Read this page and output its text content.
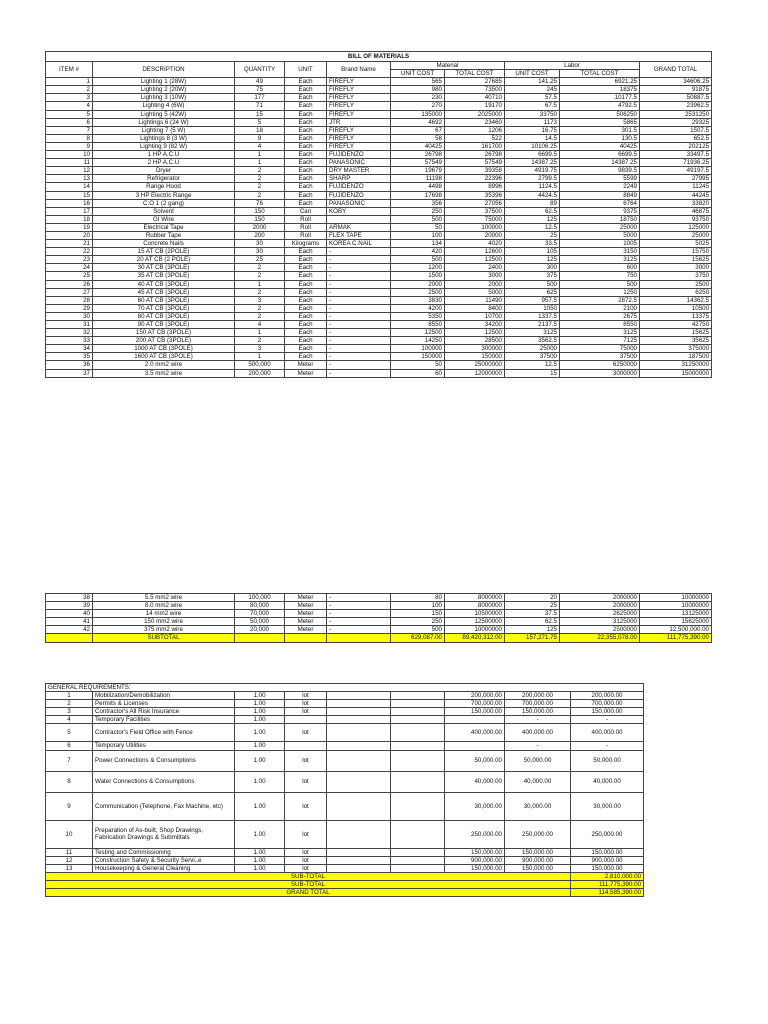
BILL OF MATERIALS									
ITEM #	DESCRIPTION	QUANTITY	UNIT	Brand Name	Material		Labor		GRAND TOTAL
					UNIT COST	TOTAL COST	UNIT COST	TOTAL COST	
1	Lighting 1 (28W)	49	Each	FIREFLY	565	27685	141.25	6921.25	34606.25
2	Lighting 2 (20W)	75	Each	FIREFLY	980	73500	245	18375	91875
3	Lighting 3 (10W)	177	Each	FIREFLY	230	40710	57.5	10177.5	50887.5
4	Lighting 4 (6W)	71	Each	FIREFLY	270	19170	67.5	4792.5	23962.5
5	Lighting 5 (42W)	15	Each	FIREFLY	135000	2025000	33750	506250	2531250
6	Lightings 6 (24 W)	5	Each	JTR	4692	23460	1173	5865	29325
7	Lighting 7 (5 W)	18	Each	FIREFLY	67	1206	16.75	301.5	1507.5
8	Lightings 8 (3 W)	9	Each	FIREFLY	58	522	14.5	130.5	652.5
9	Lighting 9 (82 W)	4	Each	FIREFLY	40425	161700	10106.25	40425	202125
10	1 HP A.C.U	1	Each	FUJIDENZO	26798	26798	6699.5	6699.5	33497.5
11	2 HP A.C.U	1	Each	PANASONIC	57549	57549	14387.25	14387.25	71936.25
12	Dryer	2	Each	DRY MASTER	19679	39358	4919.75	9839.5	49197.5
13	Refrigerator	2	Each	SHARP	11198	22396	2799.5	5599	27995
14	Range Hood	2	Each	FUJIDENZO	4498	8996	1124.5	2249	11245
15	3 HP Electric Range	2	Each	FUJIDENZO	17698	35396	4424.5	8849	44245
16	C.O 1 (2 gang)	76	Each	PANASONIC	356	27056	89	6764	33820
17	Solvent	150	Can	KOBY	250	37500	62.5	9375	46875
18	GI Wire	150	Roll		500	75000	125	18750	93750
19	Electrical Tape	2000	Roll	ARMAK	50	100000	12.5	25000	125000
20	Rubber Tape	200	Roll	FLEX TAPE	100	20000	25	5000	25000
21	Concrete Nails	30	Kilograms	KOREA C.NAIL	134	4020	33.5	1005	5025
22	15 AT CB (2POLE)	30	Each	-	420	12600	105	3150	15750
23	20 AT CB (2 POLE)	25	Each	-	500	12500	125	3125	15625
24	30 AT CB (3POLE)	2	Each	-	1200	2400	300	600	3000
25	35 AT CB (3POLE)	2	Each	-	1500	3000	375	750	3750
26	40 AT CB (3POLE)	1	Each	-	2000	2000	500	500	2500
27	45 AT CB (3POLE)	2	Each	-	2500	5000	625	1250	6250
28	60 AT CB (3POLE)	3	Each	-	3830	11490	957.5	2872.5	14362.5
29	70 AT CB (3POLE)	2	Each	-	4200	8400	1050	2100	10500
30	80 AT CB (3POLE)	2	Each	-	5350	10700	1337.5	2675	13375
31	90 AT CB (3POLE)	4	Each	-	8550	34200	2137.5	8550	42750
32	150 AT CB (3POLE)	1	Each	-	12500	12500	3125	3125	15625
33	200 AT CB (3POLE)	2	Each	-	14250	28500	3562.5	7125	35625
34	1000 AT CB (3POLE)	3	Each	-	100000	300000	25000	75000	375000
35	1600 AT CB (3POLE)	1	Each	-	150000	150000	37500	37500	187500
36	2.0 mm2 wire	500,000	Meter	-	50	25000000	12.5	6250000	31250000
37	3.5 mm2 wire	200,000	Meter	-	60	12000000	15	3000000	15000000
38	5.5 mm2 wire	100,000	Meter	-	80	8000000	20	2000000	10000000
39	8.0 mm2 wire	80,000	Meter	-	100	8000000	25	2000000	10000000
40	14 mm2 wire	70,000	Meter	-	150	10500000	37.5	2625000	13125000
41	150 mm2 wire	50,000	Meter	-	250	12500000	62.5	3125000	15625000
42	375 mm2 wire	20,000	Meter	-	500	10000000	125	2500000	12,500,000.00
	SUBTOTAL				629,087.00	89,420,312.00	157,271.75	22,355,078.00	111,775,390.00
GENERAL REQUIREMENTS:								
1	Mobilization/Demobilization	1.00	lot			200,000.00	200,000.00	200,000.00
2	Permits & Licenses	1.00	lot			700,000.00	700,000.00	700,000.00
3	Contractor's All Risk Insurance	1.00	lot			150,000.00	150,000.00	150,000.00
4	Temporary Facilities	1.00					-	-
5	Contractor's Field Office with Fence	1.00	lot			400,000.00	400,000.00	400,000.00
6	Temporary Utilities	1.00					-	-
7	Power Connections & Consumptions	1.00	lot			50,000.00	50,000.00	50,000.00
8	Water Connections & Consumptions	1.00	lot			40,000.00	40,000.00	40,000.00
9	Communication (Telephone, Fax Machine, etc)	1.00	lot			30,000.00	30,000.00	30,000.00
10	Preparation of As-built, Shop Drawings, Fabrication Drawings & Submittals	1.00	lot			250,000.00	250,000.00	250,000.00
11	Testing and Commissioning	1.00	lot			150,000.00	150,000.00	150,000.00
12	Construction Safety & Security Servi..e	1.00	lot			900,000.00	900,000.00	900,000.00
13	Housekeeping & General Cleaning	1.00	lot			150,000.00	150,000.00	150,000.00
SUB-TOTAL								2,810,000.00
SUB-TOTAL								111,775,390.00
GRAND TOTAL								114,585,390.00
